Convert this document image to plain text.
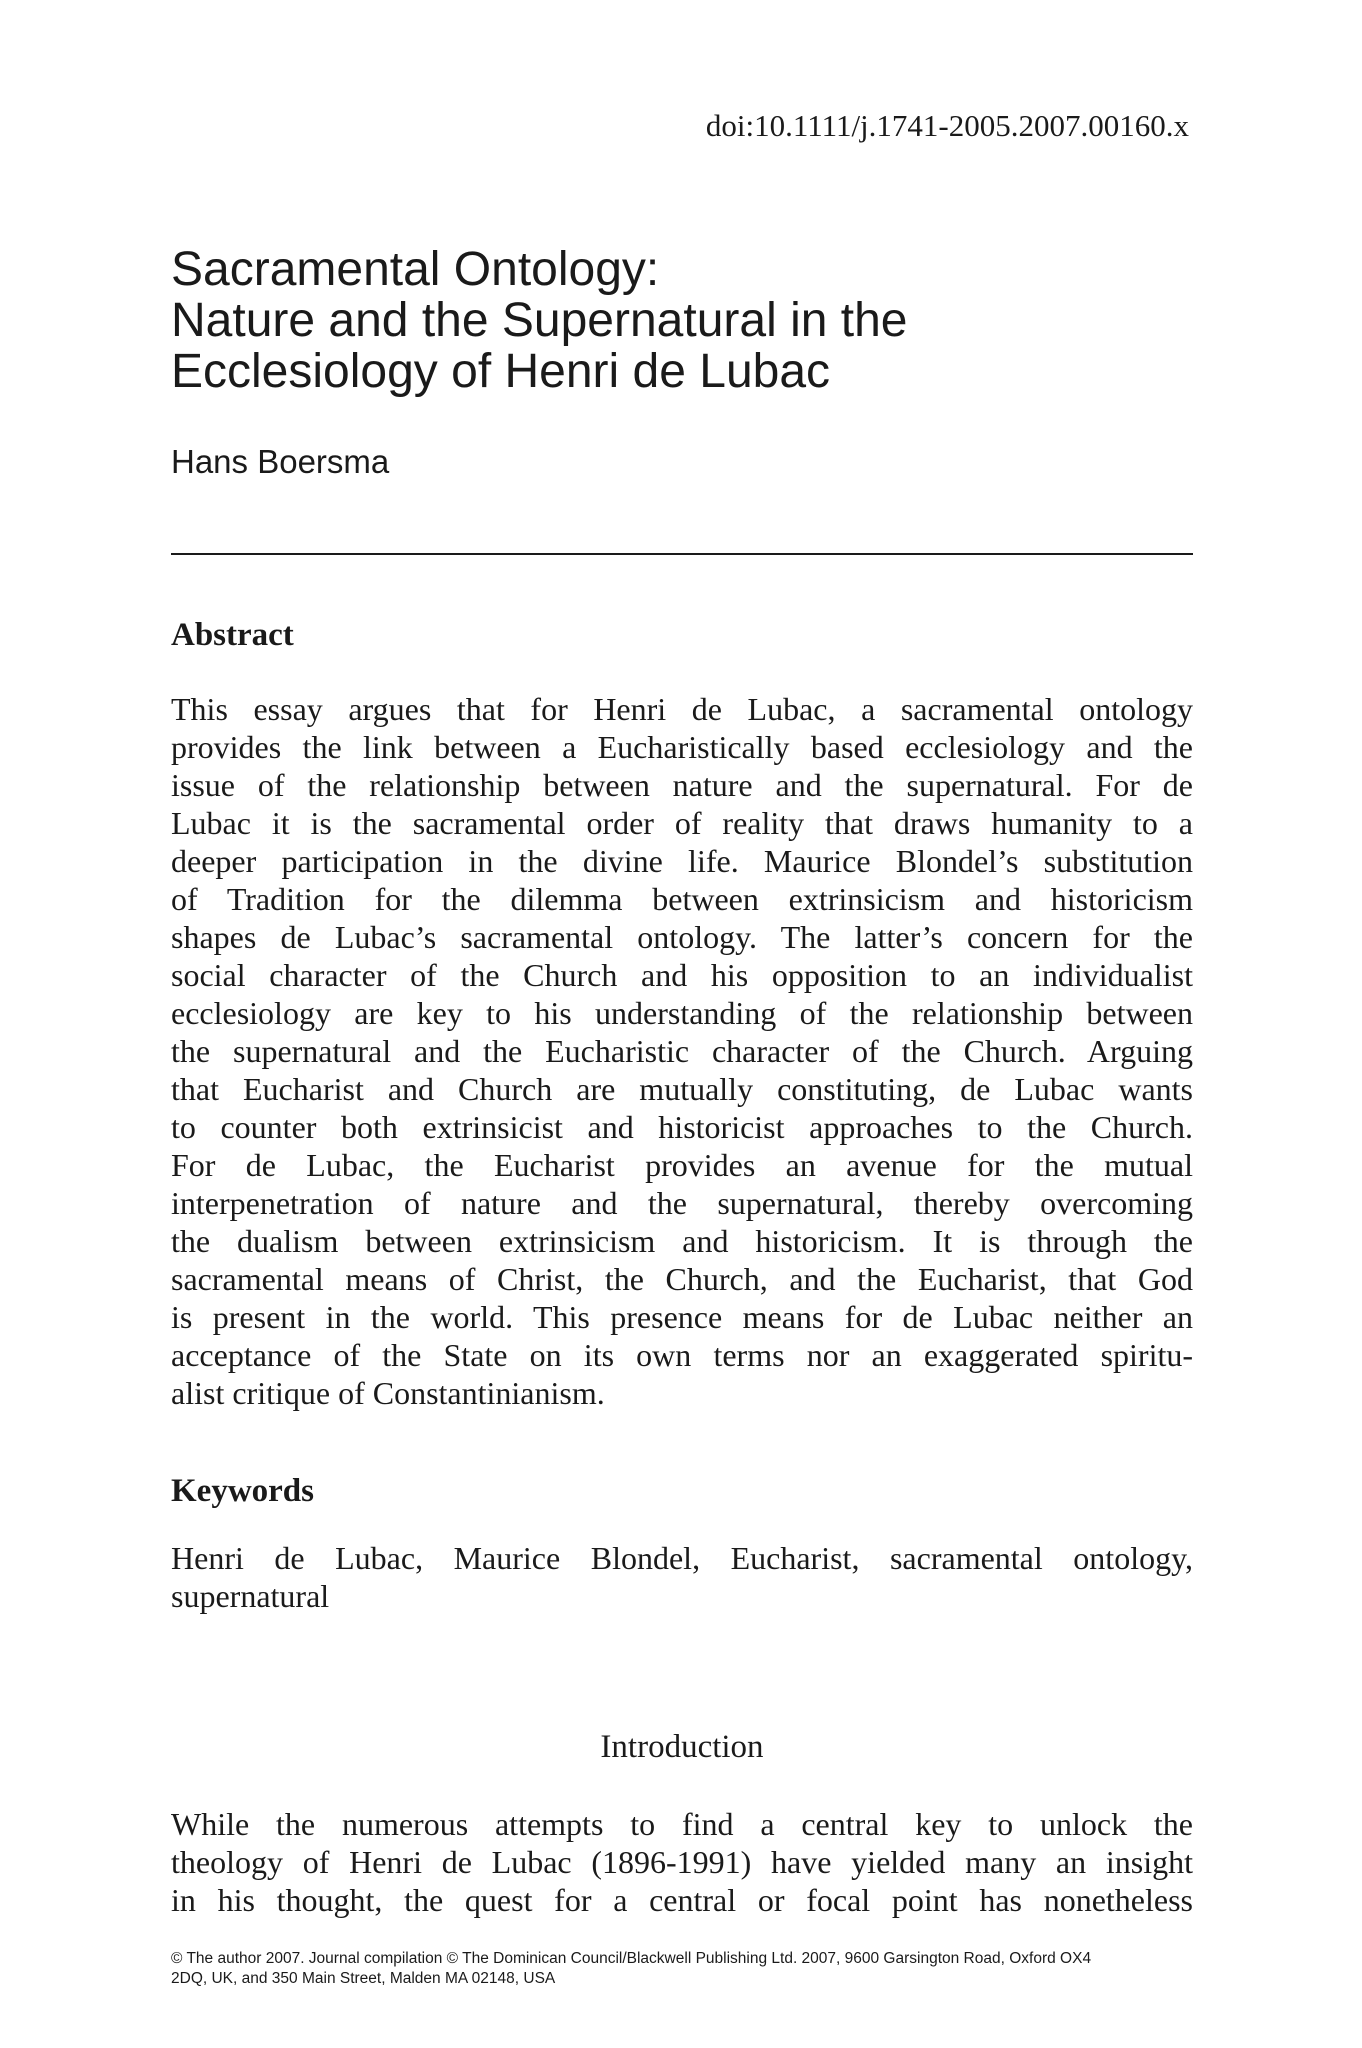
doi:10.1111/j.1741-2005.2007.00160.x
Sacramental Ontology:
Nature and the Supernatural in the
Ecclesiology of Henri de Lubac
Hans Boersma
Abstract

This essay argues that for Henri de Lubac, a sacramental ontology
provides the link between a Eucharistically based ecclesiology and the
issue of the relationship between nature and the supernatural. For de
Lubac it is the sacramental order of reality that draws humanity to a
deeper participation in the divine life. Maurice Blondel’s substitution
of Tradition for the dilemma between extrinsicism and historicism
shapes de Lubac’s sacramental ontology. The latter’s concern for the
social character of the Church and his opposition to an individualist
ecclesiology are key to his understanding of the relationship between
the supernatural and the Eucharistic character of the Church. Arguing
that Eucharist and Church are mutually constituting, de Lubac wants
to counter both extrinsicist and historicist approaches to the Church.
For de Lubac, the Eucharist provides an avenue for the mutual
interpenetration of nature and the supernatural, thereby overcoming
the dualism between extrinsicism and historicism. It is through the
sacramental means of Christ, the Church, and the Eucharist, that God
is present in the world. This presence means for de Lubac neither an
acceptance of the State on its own terms nor an exaggerated spiritu-
alist critique of Constantinianism.

Keywords

Henri de Lubac, Maurice Blondel, Eucharist, sacramental ontology,
supernatural

Introduction

While the numerous attempts to find a central key to unlock the
theology of Henri de Lubac (1896-1991) have yielded many an insight
in his thought, the quest for a central or focal point has nonetheless

© The author 2007. Journal compilation © The Dominican Council/Blackwell Publishing Ltd. 2007, 9600 Garsington Road, Oxford OX4
2DQ, UK, and 350 Main Street, Malden MA 02148, USA
